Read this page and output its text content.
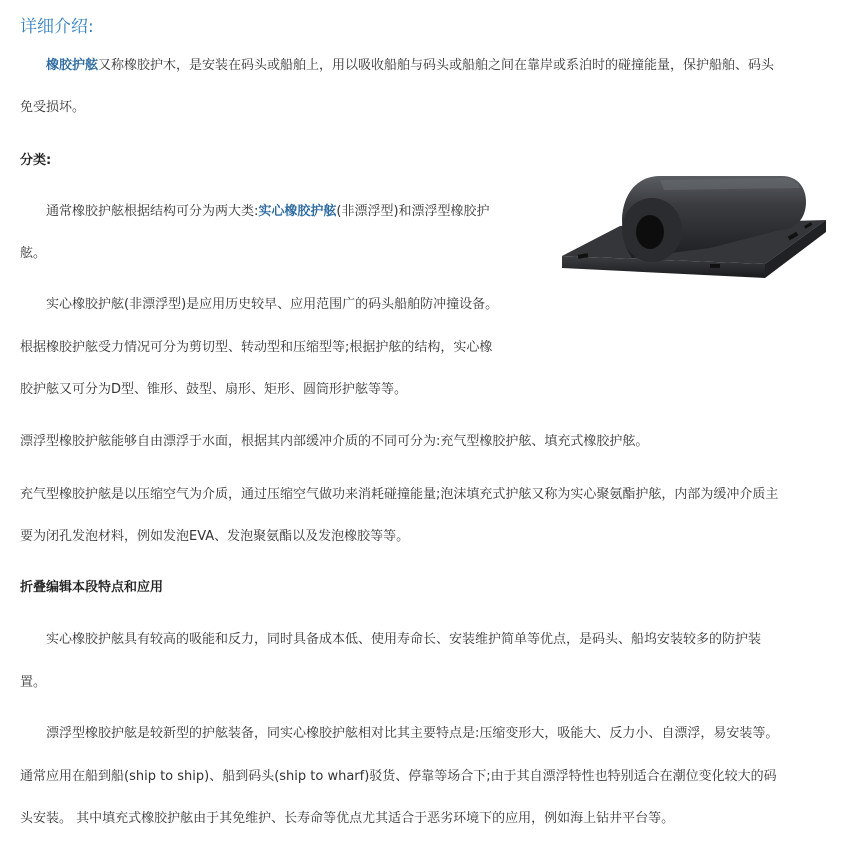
详细介绍:

橡胶护舷又称橡胶护木，是安装在码头或船舶上，用以吸收船舶与码头或船舶之间在靠岸或系泊时的碰撞能量，保护船舶、码头

免受损坏。

分类:

通常橡胶护舷根据结构可分为两大类:实心橡胶护舷(非漂浮型)和漂浮型橡胶护

舷。

实心橡胶护舷(非漂浮型)是应用历史较早、应用范围广的码头船舶防冲撞设备。

根据橡胶护舷受力情况可分为剪切型、转动型和压缩型等;根据护舷的结构，实心橡

胶护舷又可分为D型、锥形、鼓型、扇形、矩形、圆筒形护舷等等。

漂浮型橡胶护舷能够自由漂浮于水面，根据其内部缓冲介质的不同可分为:充气型橡胶护舷、填充式橡胶护舷。

充气型橡胶护舷是以压缩空气为介质，通过压缩空气做功来消耗碰撞能量;泡沫填充式护舷又称为实心聚氨酯护舷，内部为缓冲介质主

要为闭孔发泡材料，例如发泡EVA、发泡聚氨酯以及发泡橡胶等等。

折叠编辑本段特点和应用

实心橡胶护舷具有较高的吸能和反力，同时具备成本低、使用寿命长、安装维护简单等优点，是码头、船坞安装较多的防护装

置。

漂浮型橡胶护舷是较新型的护舷装备，同实心橡胶护舷相对比其主要特点是:压缩变形大，吸能大、反力小、自漂浮，易安装等。

通常应用在船到船(ship to ship)、船到码头(ship to wharf)驳货、停靠等场合下;由于其自漂浮特性也特别适合在潮位变化较大的码

头安装。 其中填充式橡胶护舷由于其免维护、长寿命等优点尤其适合于恶劣环境下的应用，例如海上钻井平台等。
